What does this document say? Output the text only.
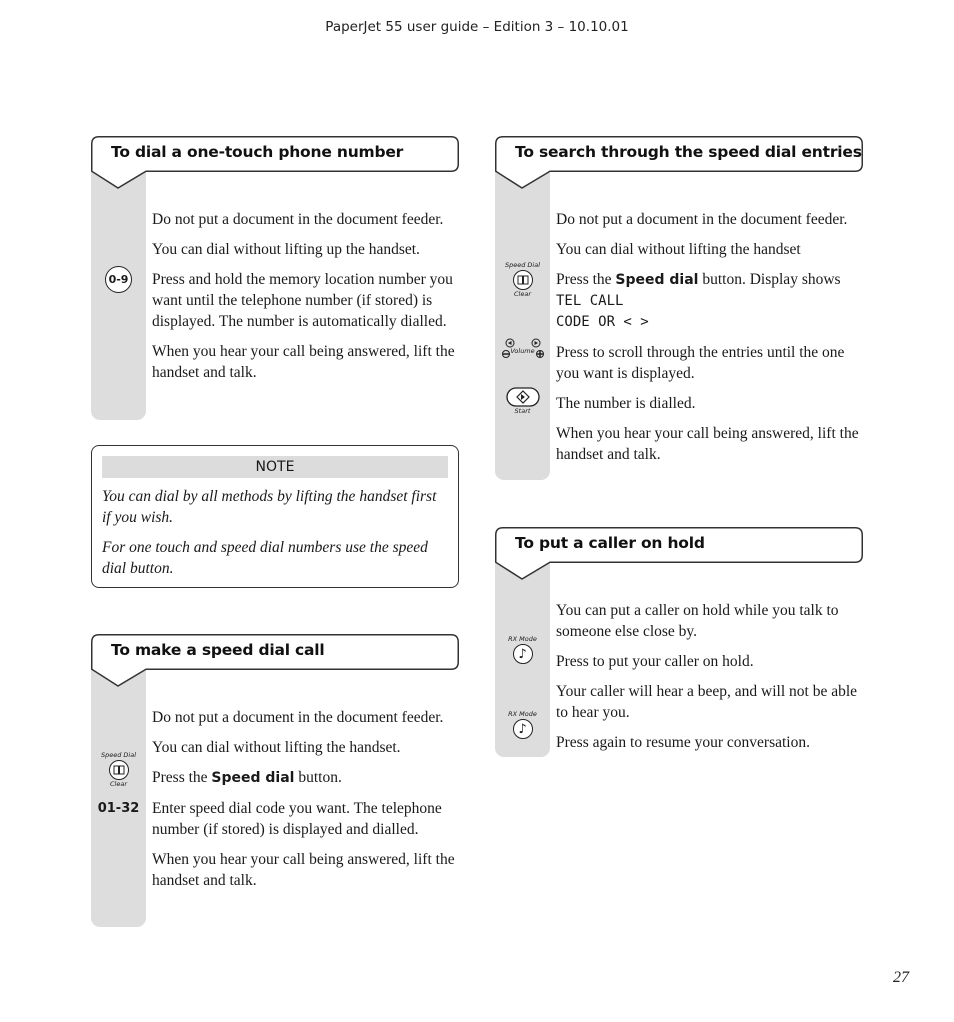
PaperJet 55 user guide – Edition 3 – 10.10.01
To dial a one-touch phone number

Do not put a document in the document feeder.

You can dial without lifting up the handset.

0-9 Press and hold the memory location number you want until the telephone number (if stored) is displayed. The number is automatically dialled.

When you hear your call being answered, lift the handset and talk.

NOTE

You can dial by all methods by lifting the handset first if you wish.

For one touch and speed dial numbers use the speed dial button.

To make a speed dial call

Do not put a document in the document feeder.

You can dial without lifting the handset.

Speed Dial
Clear Press the Speed dial button.

01-32 Enter speed dial code you want. The telephone number (if stored) is displayed and dialled.

When you hear your call being answered, lift the handset and talk.

To search through the speed dial entries

Do not put a document in the document feeder.

You can dial without lifting the handset

Speed Dial
Clear

Press the Speed dial button. Display shows

TEL CALL

CODE OR < >

Volume Press to scroll through the entries until the one you want is displayed.

Start The number is dialled.

When you hear your call being answered, lift the handset and talk.

To put a caller on hold

You can put a caller on hold while you talk to someone else close by.

RX Mode
♪	Press to put your caller on hold.

Your caller will hear a beep, and will not be able to hear you.

RX Mode
♪

Press again to resume your conversation.

27
